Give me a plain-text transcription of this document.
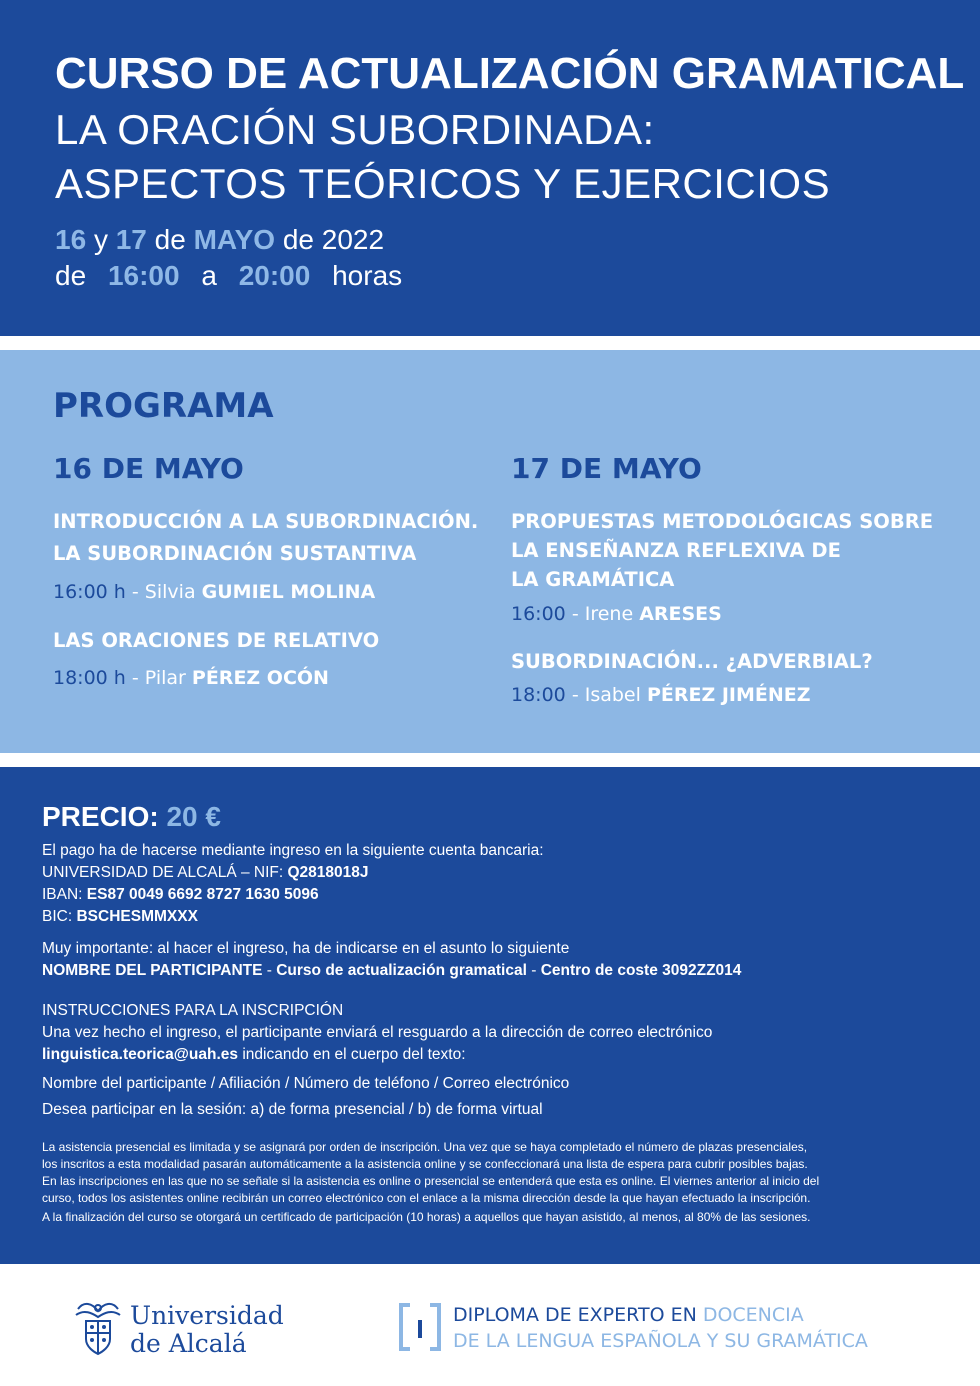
CURSO DE ACTUALIZACIÓN GRAMATICAL
LA ORACIÓN SUBORDINADA:
ASPECTOS TEÓRICOS Y EJERCICIOS
16 y 17 de MAYO de 2022
de 16:00 a 20:00 horas
PROGRAMA
16 DE MAYO
INTRODUCCIÓN A LA SUBORDINACIÓN.
LA SUBORDINACIÓN SUSTANTIVA
16:00 h - Silvia GUMIEL MOLINA
LAS ORACIONES DE RELATIVO
18:00 h - Pilar PÉREZ OCÓN
17 DE MAYO
PROPUESTAS METODOLÓGICAS SOBRE
LA ENSEÑANZA REFLEXIVA DE
LA GRAMÁTICA
16:00 - Irene ARESES
SUBORDINACIÓN... ¿ADVERBIAL?
18:00 - Isabel PÉREZ JIMÉNEZ
PRECIO: 20 €
El pago ha de hacerse mediante ingreso en la siguiente cuenta bancaria:
UNIVERSIDAD DE ALCALÁ – NIF: Q2818018J
IBAN: ES87 0049 6692 8727 1630 5096
BIC: BSCHESMMXXX
Muy importante: al hacer el ingreso, ha de indicarse en el asunto lo siguiente
NOMBRE DEL PARTICIPANTE - Curso de actualización gramatical - Centro de coste 3092ZZ014
INSTRUCCIONES PARA LA INSCRIPCIÓN
Una vez hecho el ingreso, el participante enviará el resguardo a la dirección de correo electrónico
linguistica.teorica@uah.es indicando en el cuerpo del texto:
Nombre del participante / Afiliación / Número de teléfono / Correo electrónico
Desea participar en la sesión: a) de forma presencial / b) de forma virtual

La asistencia presencial es limitada y se asignará por orden de inscripción. Una vez que se haya completado el número de plazas presenciales,

los inscritos a esta modalidad pasarán automáticamente a la asistencia online y se confeccionará una lista de espera para cubrir posibles bajas.

En las inscripciones en las que no se señale si la asistencia es online o presencial se entenderá que esta es online. El viernes anterior al inicio del

curso, todos los asistentes online recibirán un correo electrónico con el enlace a la misma dirección desde la que hayan efectuado la inscripción.

A la finalización del curso se otorgará un certificado de participación (10 horas) a aquellos que hayan asistido, al menos, al 80% de las sesiones.

Universidad
de Alcalá
DIPLOMA DE EXPERTO EN DOCENCIA
DE LA LENGUA ESPAÑOLA Y SU GRAMÁTICA
